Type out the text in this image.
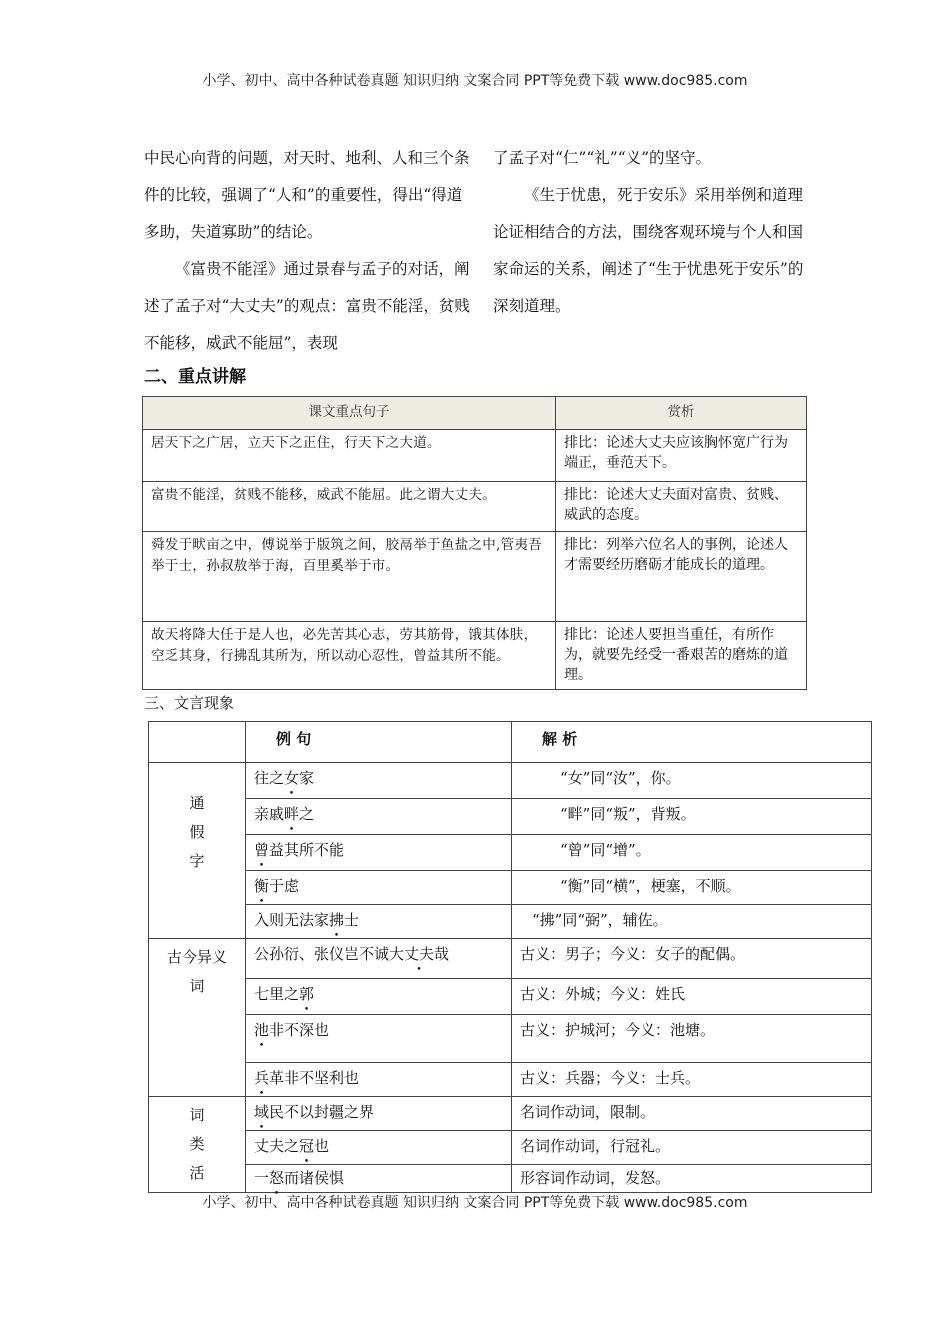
小学、初中、高中各种试卷真题 知识归纳 文案合同 PPT等免费下载 www.doc985.com

中民心向背的问题，对天时、地利、人和三个条件的比较，强调了“人和”的重要性，得出“得道多助，失道寡助”的结论。

《富贵不能淫》通过景春与孟子的对话，阐述了孟子对“大丈夫”的观点：富贵不能淫，贫贱不能移，威武不能屈”，表现

了孟子对“仁”“礼”“义”的坚守。

《生于忧患，死于安乐》采用举例和道理论证相结合的方法，围绕客观环境与个人和国家命运的关系，阐述了“生于忧患死于安乐”的深刻道理。

二、重点讲解
课文重点句子	赏析
居天下之广居，立天下之正住，行天下之大道。	排比：论述大丈夫应该胸怀宽广行为端正，垂范天下。
富贵不能淫，贫贱不能移，威武不能屈。此之谓大丈夫。	排比：论述大丈夫面对富贵、贫贱、威武的态度。
舜发于畎亩之中，傅说举于版筑之间，胶鬲举于鱼盐之中,管夷吾举于士，孙叔敖举于海，百里奚举于市。	排比：列举六位名人的事例，论述人才需要经历磨砺才能成长的道理。
故天将降大任于是人也，必先苦其心志，劳其筋骨，饿其体肤，空乏其身，行拂乱其所为，所以动心忍性，曾益其所不能。	排比：论述人要担当重任，有所作为，就要先经受一番艰苦的磨炼的道理。
三、文言现象
	例 句	解 析

通假字	往之女家	“女”同“汝”，你。
	亲戚畔之	“畔”同“叛”，背叛。
	曾益其所不能	“曾”同“增”。
	衡于虑	“衡”同“横”，梗塞，不顺。
	入则无法家拂士	“拂”同“弼”，辅佐。

古今异义词	公孙衍、张仪岂不诚大丈夫哉	古义：男子；今义：女子的配偶。
	七里之郭	古义：外城；今义：姓氏
	池非不深也	古义：护城河；今义：池塘。
	兵革非不坚利也	古义：兵器；今义：士兵。

词类活	域民不以封疆之界	名词作动词，限制。
	丈夫之冠也	名词作动词，行冠礼。
	一怒而诸侯惧	形容词作动词，发怒。
小学、初中、高中各种试卷真题 知识归纳 文案合同 PPT等免费下载 www.doc985.com
